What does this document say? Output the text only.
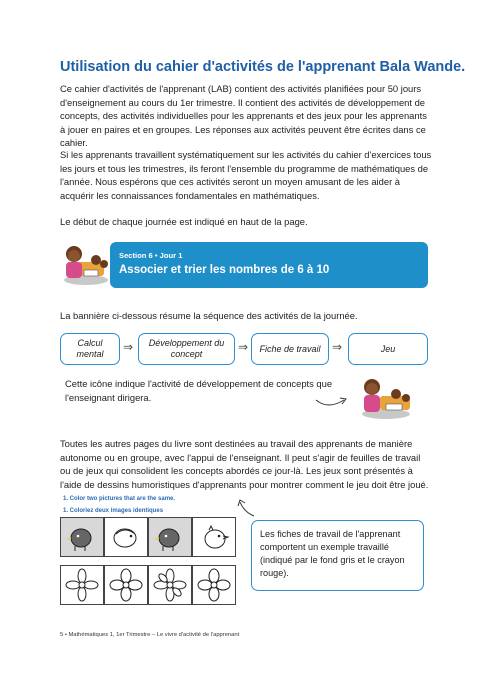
Utilisation du cahier d'activités de l'apprenant Bala Wande.

Ce cahier d'activités de l'apprenant (LAB) contient des activités planifiées pour 50 jours d'enseignement au cours du 1er trimestre. Il contient des activités de développement de concepts, des activités individuelles pour les apprenants et des jeux pour les apprenants à jouer en paires et en groupes. Les réponses aux activités peuvent être écrites dans ce cahier.

Si les apprenants travaillent systématiquement sur les activités du cahier d'exercices tous les jours et tous les trimestres, ils feront l'ensemble du programme de mathématiques de l'année. Nous espérons que ces activités seront un moyen amusant de les aider à acquérir les connaissances fondamentales en mathématiques.

Le début de chaque journée est indiqué en haut de la page.

Section 6 • Jour 1
Associer et trier les nombres de 6 à 10

La bannière ci-dessous résume la séquence des activités de la journée.

Calcul mental	⇒	Développement du concept	⇒	Fiche de travail ⇒	Jeu

Cette icône indique l'activité de développement de concepts que l'enseignant dirigera.

Toutes les autres pages du livre sont destinées au travail des apprenants de manière autonome ou en groupe, avec l'appui de l'enseignant. Il peut s'agir de feuilles de travail ou de jeux qui consolident les concepts abordés ce jour-là. Les jeux sont présentés à l'aide de dessins humoristiques d'apprenants pour montrer comment le jeu doit être joué.

1. Color two pictures that are the same.
1. Coloriez deux images identiques
Les fiches de travail de l'apprenant comportent un exemple travaillé (indiqué par le fond gris et le crayon rouge).
5 • Mathématiques 1, 1er Trimestre – Le vivre d'activité de l'apprenant
